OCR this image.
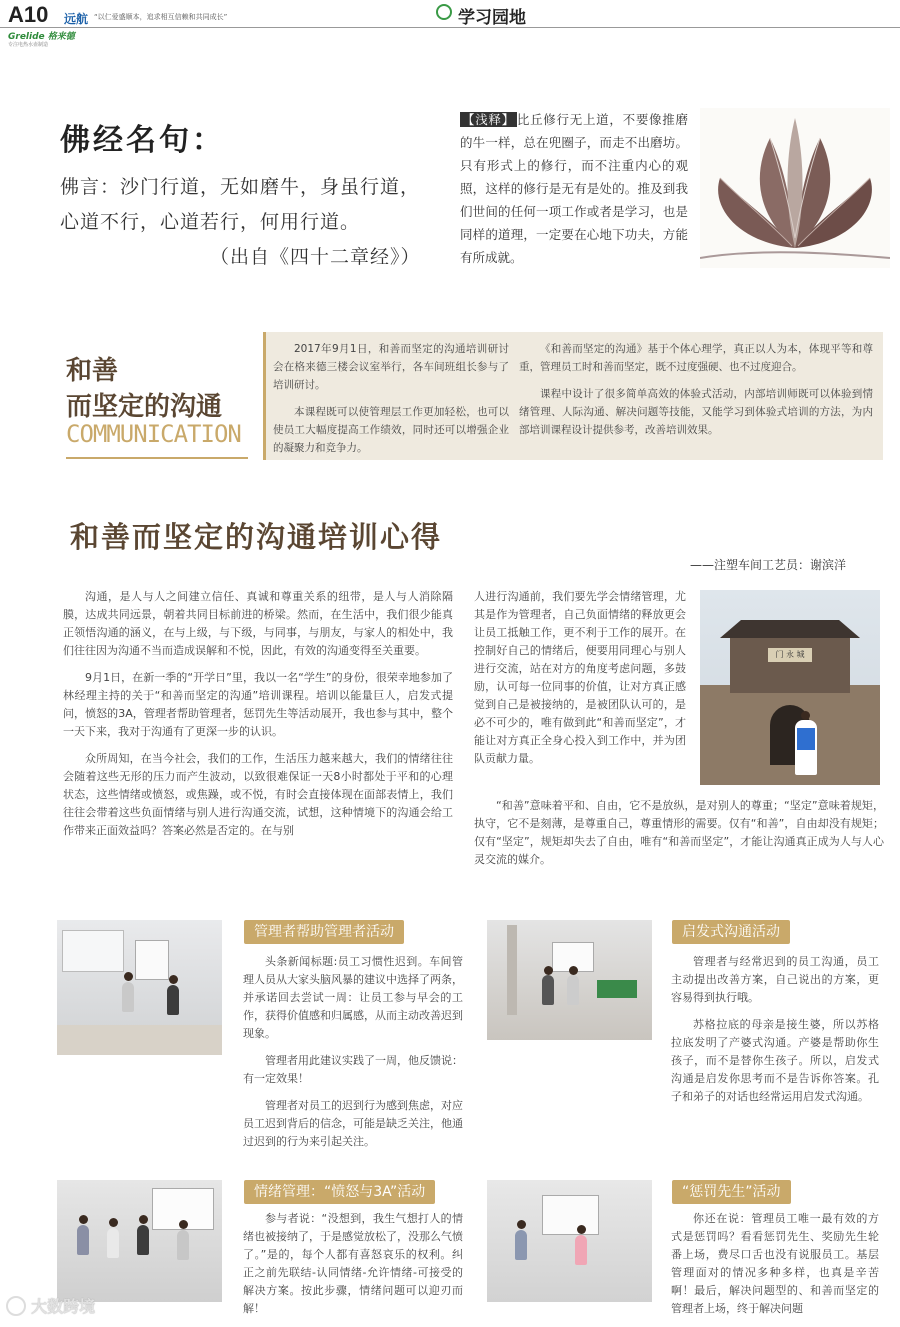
A10 远航 “以仁爱盛顺本，追求相互信赖和共同成长”
Grelide 格来德
专注电热水壶制造
学习园地
佛经名句：
佛言：沙门行道，无如磨牛，身虽行道，
心道不行，心道若行，何用行道。
（出自《四十二章经》）
【浅释】 比丘修行无上道，不要像推磨的牛一样，总在兜圈子，而走不出磨坊。只有形式上的修行，而不注重内心的观照，这样的修行是无有是处的。推及到我们世间的任何一项工作或者是学习，也是同样的道理，一定要在心地下功夫，方能有所成就。
和善
而坚定的沟通
COMMUNICATION

2017年9月1日，和善而坚定的沟通培训研讨会在格来德三楼会议室举行，各车间班组长参与了培训研讨。

本课程既可以使管理层工作更加轻松，也可以使员工大幅度提高工作绩效，同时还可以增强企业的凝聚力和竞争力。

《和善而坚定的沟通》基于个体心理学，真正以人为本，体现平等和尊重，管理员工时和善而坚定，既不过度强硬、也不过度迎合。

课程中设计了很多简单高效的体验式活动，内部培训师既可以体验到情绪管理、人际沟通、解决问题等技能，又能学习到体验式培训的方法，为内部培训课程设计提供参考，改善培训效果。

和善而坚定的沟通培训心得
——注塑车间工艺员：谢滨洋

沟通，是人与人之间建立信任、真诚和尊重关系的纽带，是人与人消除隔膜，达成共同远景，朝着共同目标前进的桥梁。然而，在生活中，我们很少能真正领悟沟通的涵义，在与上级，与下级，与同事，与朋友，与家人的相处中，我们往往因为沟通不当而造成误解和不悦，因此，有效的沟通变得至关重要。

9月1日，在新一季的“开学日”里，我以一名“学生”的身份，很荣幸地参加了林经理主持的关于“和善而坚定的沟通”培训课程。培训以能量巨人，启发式提问，愤怒的3A，管理者帮助管理者，惩罚先生等活动展开，我也参与其中，整个一天下来，我对于沟通有了更深一步的认识。

众所周知，在当今社会，我们的工作，生活压力越来越大，我们的情绪往往会随着这些无形的压力而产生波动，以致很难保证一天8小时都处于平和的心理状态，这些情绪或愤怒，或焦躁，或不悦，有时会直接体现在面部表情上，我们往往会带着这些负面情绪与别人进行沟通交流，试想，这种情境下的沟通会给工作带来正面效益吗？答案必然是否定的。在与别

人进行沟通前，我们要先学会情绪管理，尤其是作为管理者，自己负面情绪的释放更会让员工抵触工作，更不利于工作的展开。在控制好自己的情绪后，便要用同理心与别人进行交流，站在对方的角度考虑问题，多鼓励，认可每一位同事的价值，让对方真正感觉到自己是被接纳的，是被团队认可的，是必不可少的，唯有做到此“和善而坚定”，才能让对方真正全身心投入到工作中，并为团队贡献力量。

“和善”意味着平和、自由，它不是放纵，是对别人的尊重；“坚定”意味着规矩，执守，它不是刻薄，是尊重自己，尊重情形的需要。仅有“和善”，自由却没有规矩；仅有“坚定”，规矩却失去了自由，唯有“和善而坚定”，才能让沟通真正成为人与人心灵交流的媒介。

门 永 城
管理者帮助管理者活动

头条新闻标题:员工习惯性迟到。车间管理人员从大家头脑风暴的建议中选择了两条，并承诺回去尝试一周：让员工参与早会的工作，获得价值感和归属感，从而主动改善迟到现象。

管理者用此建议实践了一周，他反馈说：有一定效果！

管理者对员工的迟到行为感到焦虑，对应员工迟到背后的信念，可能是缺乏关注，他通过迟到的行为来引起关注。

启发式沟通活动

管理者与经常迟到的员工沟通，员工主动提出改善方案，自己说出的方案，更容易得到执行哦。

苏格拉底的母亲是接生婆，所以苏格拉底发明了产婆式沟通。产婆是帮助你生孩子，而不是替你生孩子。所以，启发式沟通是启发你思考而不是告诉你答案。孔子和弟子的对话也经常运用启发式沟通。

情绪管理：“愤怒与3A”活动

参与者说：“没想到，我生气想打人的情绪也被接纳了，于是感觉放松了，没那么气愤了。”是的，每个人都有喜怒哀乐的权利。纠正之前先联结-认同情绪-允许情绪-可接受的解决方案。按此步骤，情绪问题可以迎刃而解！

“惩罚先生”活动

你还在说：管理员工唯一最有效的方式是惩罚吗？看看惩罚先生、奖励先生轮番上场，费尽口舌也没有说服员工。基层管理面对的情况多种多样，也真是辛苦啊！最后，解决问题型的、和善而坚定的管理者上场，终于解决问题

大数跨境
